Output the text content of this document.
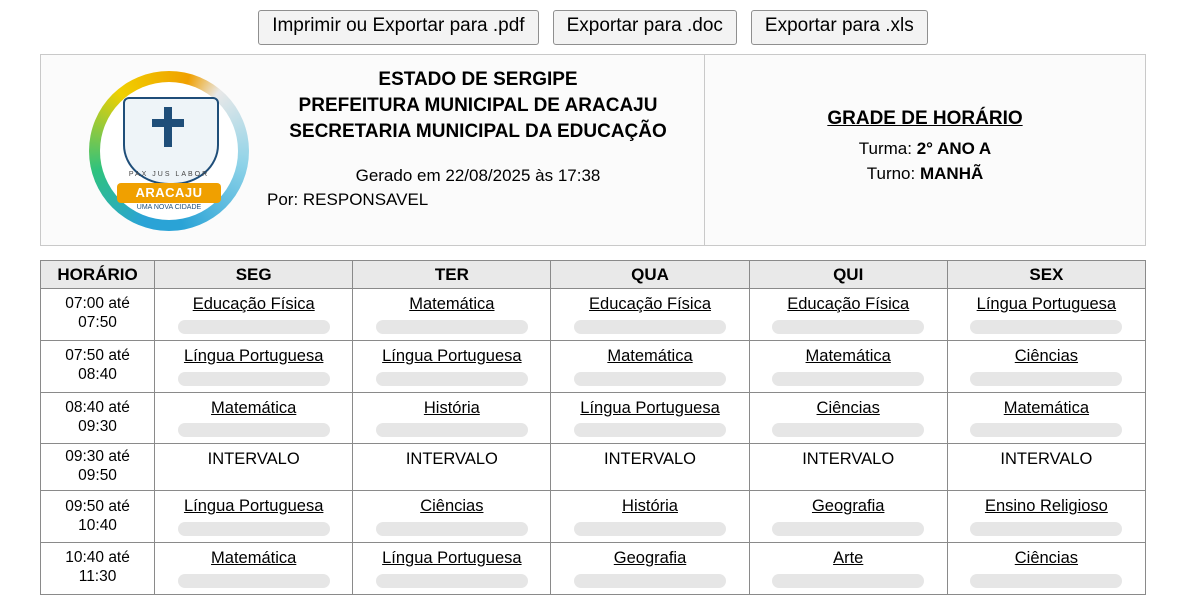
Imprimir ou Exportar para .pdf	Exportar para .doc	Exportar para .xls
PAX JUS LABOR
ARACAJU
UMA NOVA CIDADE
ESTADO DE SERGIPE
PREFEITURA MUNICIPAL DE ARACAJU
SECRETARIA MUNICIPAL DA EDUCAÇÃO
Gerado em 22/08/2025 às 17:38
Por: RESPONSAVEL
GRADE DE HORÁRIO
Turma: 2° ANO A
Turno: MANHÃ
HORÁRIO	SEG	TER	QUA	QUI	SEX

07:00 até
07:50	Educação Física	Matemática	Educação Física	Educação Física	Língua Portuguesa

07:50 até
08:40	Língua Portuguesa	Língua Portuguesa	Matemática	Matemática	Ciências

08:40 até
09:30	Matemática	História	Língua Portuguesa	Ciências	Matemática

09:30 até
09:50	INTERVALO	INTERVALO	INTERVALO	INTERVALO	INTERVALO

09:50 até
10:40	Língua Portuguesa	Ciências	História	Geografia	Ensino Religioso

10:40 até
11:30	Matemática	Língua Portuguesa	Geografia	Arte	Ciências
